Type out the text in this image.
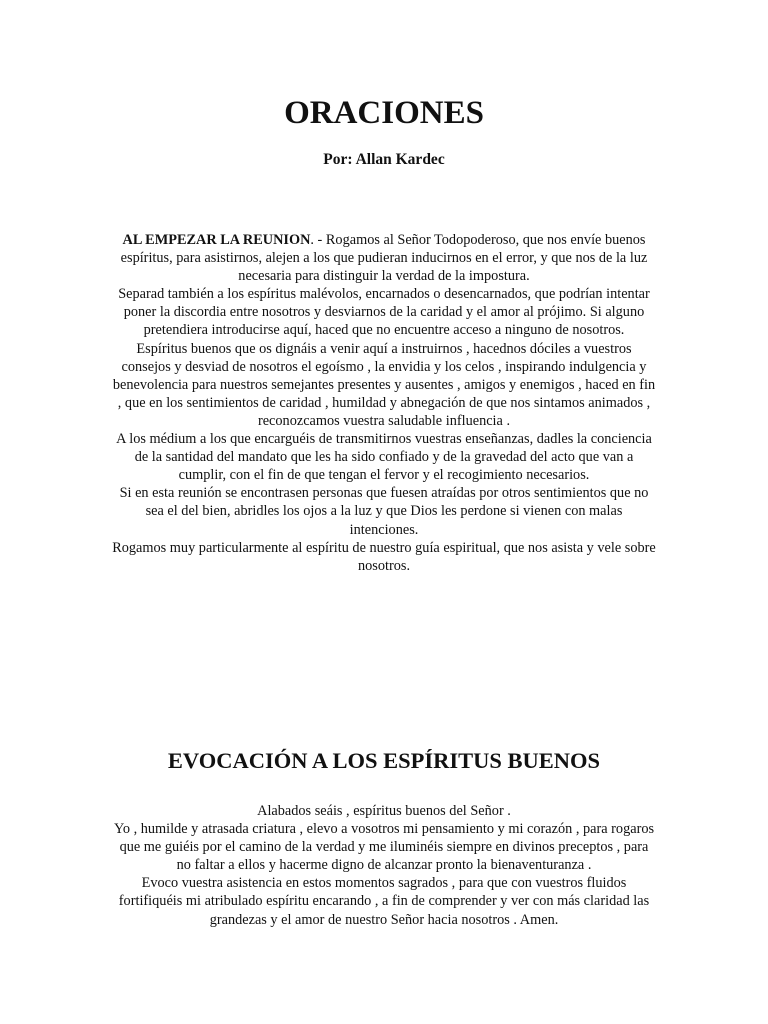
ORACIONES

Por: Allan Kardec

AL EMPEZAR LA REUNION. - Rogamos al Señor Todopoderoso, que nos envíe buenos espíritus, para asistirnos, alejen a los que pudieran inducirnos en el error, y que nos de la luz necesaria para distinguir la verdad de la impostura.

Separad también a los espíritus malévolos, encarnados o desencarnados, que podrían intentar poner la discordia entre nosotros y desviarnos de la caridad y el amor al prójimo. Si alguno pretendiera introducirse aquí, haced que no encuentre acceso a ninguno de nosotros.

Espíritus buenos que os dignáis a venir aquí a instruirnos , hacednos dóciles a vuestros consejos y desviad de nosotros el egoísmo , la envidia y los celos , inspirando indulgencia y benevolencia para nuestros semejantes presentes y ausentes , amigos y enemigos , haced en fin , que en los sentimientos de caridad , humildad y abnegación de que nos sintamos animados , reconozcamos vuestra saludable influencia .

A los médium a los que encarguéis de transmitirnos vuestras enseñanzas, dadles la conciencia de la santidad del mandato que les ha sido confiado y de la gravedad del acto que van a cumplir, con el fin de que tengan el fervor y el recogimiento necesarios.

Si en esta reunión se encontrasen personas que fuesen atraídas por otros sentimientos que no sea el del bien, abridles los ojos a la luz y que Dios les perdone si vienen con malas intenciones.

Rogamos muy particularmente al espíritu de nuestro guía espiritual, que nos asista y vele sobre nosotros.

EVOCACIÓN A LOS ESPÍRITUS BUENOS

Alabados seáis , espíritus buenos del Señor .

Yo , humilde y atrasada criatura , elevo a vosotros mi pensamiento y mi corazón , para rogaros que me guiéis por el camino de la verdad y me iluminéis siempre en divinos preceptos , para no faltar a ellos y hacerme digno de alcanzar pronto la bienaventuranza .

Evoco vuestra asistencia en estos momentos sagrados , para que con vuestros fluidos fortifiquéis mi atribulado espíritu encarando , a fin de comprender y ver con más claridad las grandezas y el amor de nuestro Señor hacia nosotros . Amen.
